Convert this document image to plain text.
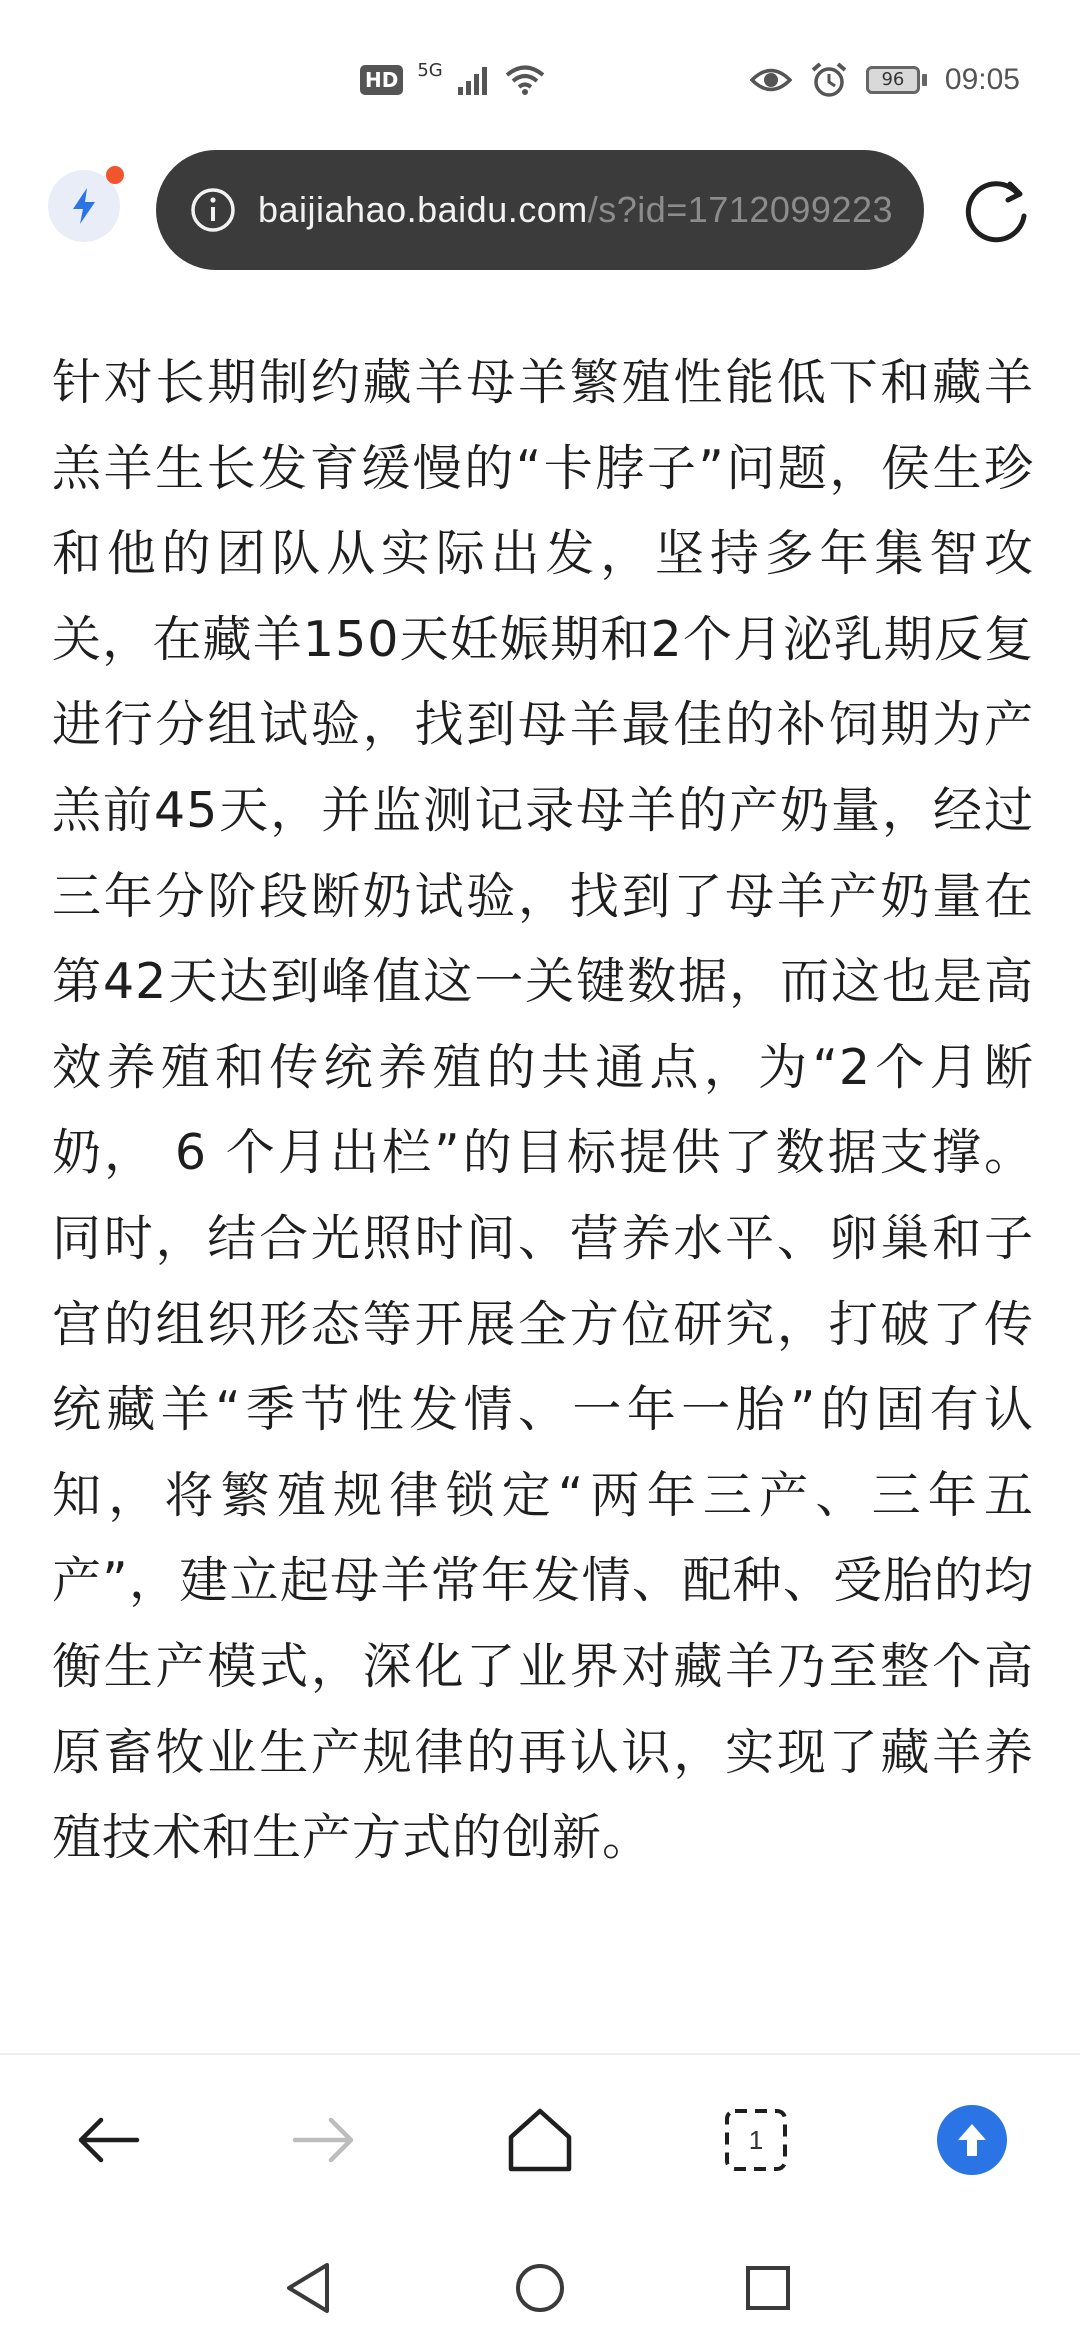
HD 5G	96	09:05
baijiahao.baidu.com/s?id=1712099223
针对长期制约藏羊母羊繁殖性能低下和藏羊羔羊生长发育缓慢的“卡脖子”问题，侯生珍和他的团队从实际出发，坚持多年集智攻关，在藏羊150天妊娠期和2个月泌乳期反复进行分组试验，找到母羊最佳的补饲期为产羔前45天，并监测记录母羊的产奶量，经过三年分阶段断奶试验，找到了母羊产奶量在第42天达到峰值这一关键数据，而这也是高效养殖和传统养殖的共通点，为“2个月断奶， 6 个月出栏”的目标提供了数据支撑。同时，结合光照时间、营养水平、卵巢和子宫的组织形态等开展全方位研究，打破了传统藏羊“季节性发情、一年一胎”的固有认知，将繁殖规律锁定“两年三产、三年五产”，建立起母羊常年发情、配种、受胎的均衡生产模式，深化了业界对藏羊乃至整个高原畜牧业生产规律的再认识，实现了藏羊养殖技术和生产方式的创新。
1
